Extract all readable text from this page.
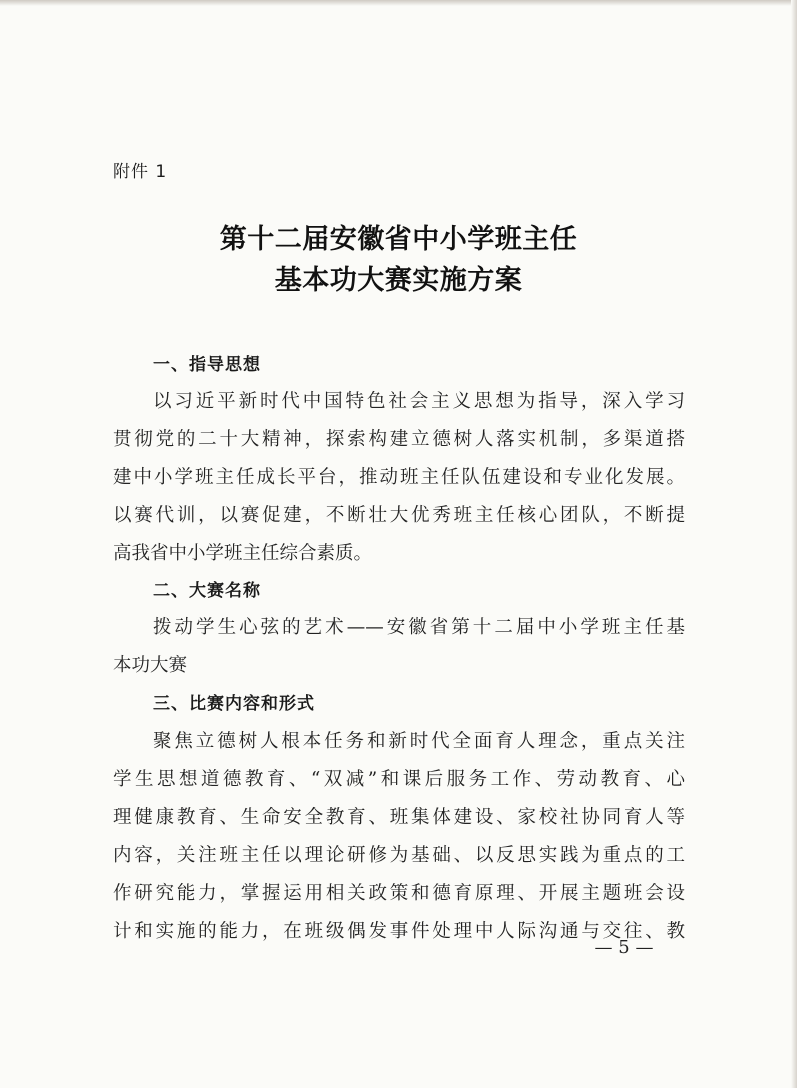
附件 1

第十二届安徽省中小学班主任
基本功大赛实施方案
一、指导思想

以习近平新时代中国特色社会主义思想为指导，深入学习

贯彻党的二十大精神，探索构建立德树人落实机制，多渠道搭

建中小学班主任成长平台，推动班主任队伍建设和专业化发展。

以赛代训，以赛促建，不断壮大优秀班主任核心团队，不断提

高我省中小学班主任综合素质。

二、大赛名称

拨动学生心弦的艺术——安徽省第十二届中小学班主任基

本功大赛

三、比赛内容和形式

聚焦立德树人根本任务和新时代全面育人理念，重点关注

学生思想道德教育、“双减”和课后服务工作、劳动教育、心

理健康教育、生命安全教育、班集体建设、家校社协同育人等

内容，关注班主任以理论研修为基础、以反思实践为重点的工

作研究能力，掌握运用相关政策和德育原理、开展主题班会设

计和实施的能力，在班级偶发事件处理中人际沟通与交往、教

— 5 —
